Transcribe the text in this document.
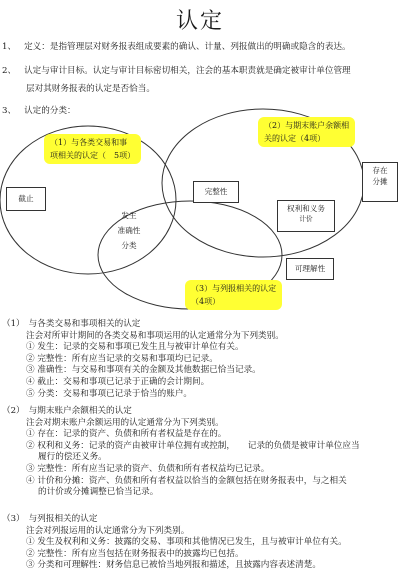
认定
1、 定义：是指管理层对财务报表组成要素的确认、计量、列报做出的明确或隐含的表达。
2、 认定与审计目标。认定与审计目标密切相关，注会的基本职责就是确定被审计单位管理
层对其财务报表的认定是否恰当。
3、 认定的分类：
（1）与各类交易和事
项相关的认定（　5项）
（2）与期末账户余额相
关的认定（4项）
（3）与列报相关的认定
（4项）
截止
完整性
存在
分摊
发生
准确性
分类
权利和义务
计价
可理解性
（1） 与各类交易和事项相关的认定
注会对所审计期间的各类交易和事项运用的认定通常分为下列类别。
① 发生：记录的交易和事项已发生且与被审计单位有关。
② 完整性：所有应当记录的交易和事项均已记录。
③ 准确性：与交易和事项有关的金额及其他数据已恰当记录。
④ 截止：交易和事项已记录于正确的会计期间。
⑤ 分类：交易和事项已记录于恰当的账户。
（2） 与期末账户余额相关的认定
注会对期末账户余额运用的认定通常分为下列类别。
① 存在：记录的资产、负债和所有者权益是存在的。
② 权利和义务：记录的资产由被审计单位拥有或控制，　　记录的负债是被审计单位应当
履行的偿还义务。
③ 完整性：所有应当记录的资产、负债和所有者权益均已记录。
④ 计价和分摊：资产、负债和所有者权益以恰当的金额包括在财务报表中，与之相关
的计价或分摊调整已恰当记录。
（3） 与列报相关的认定
注会对列报运用的认定通常分为下列类别。
① 发生及权利和义务：披露的交易、事项和其他情况已发生，且与被审计单位有关。
② 完整性：所有应当包括在财务报表中的披露均已包括。
③ 分类和可理解性：财务信息已被恰当地列报和描述，且披露内容表述清楚。
